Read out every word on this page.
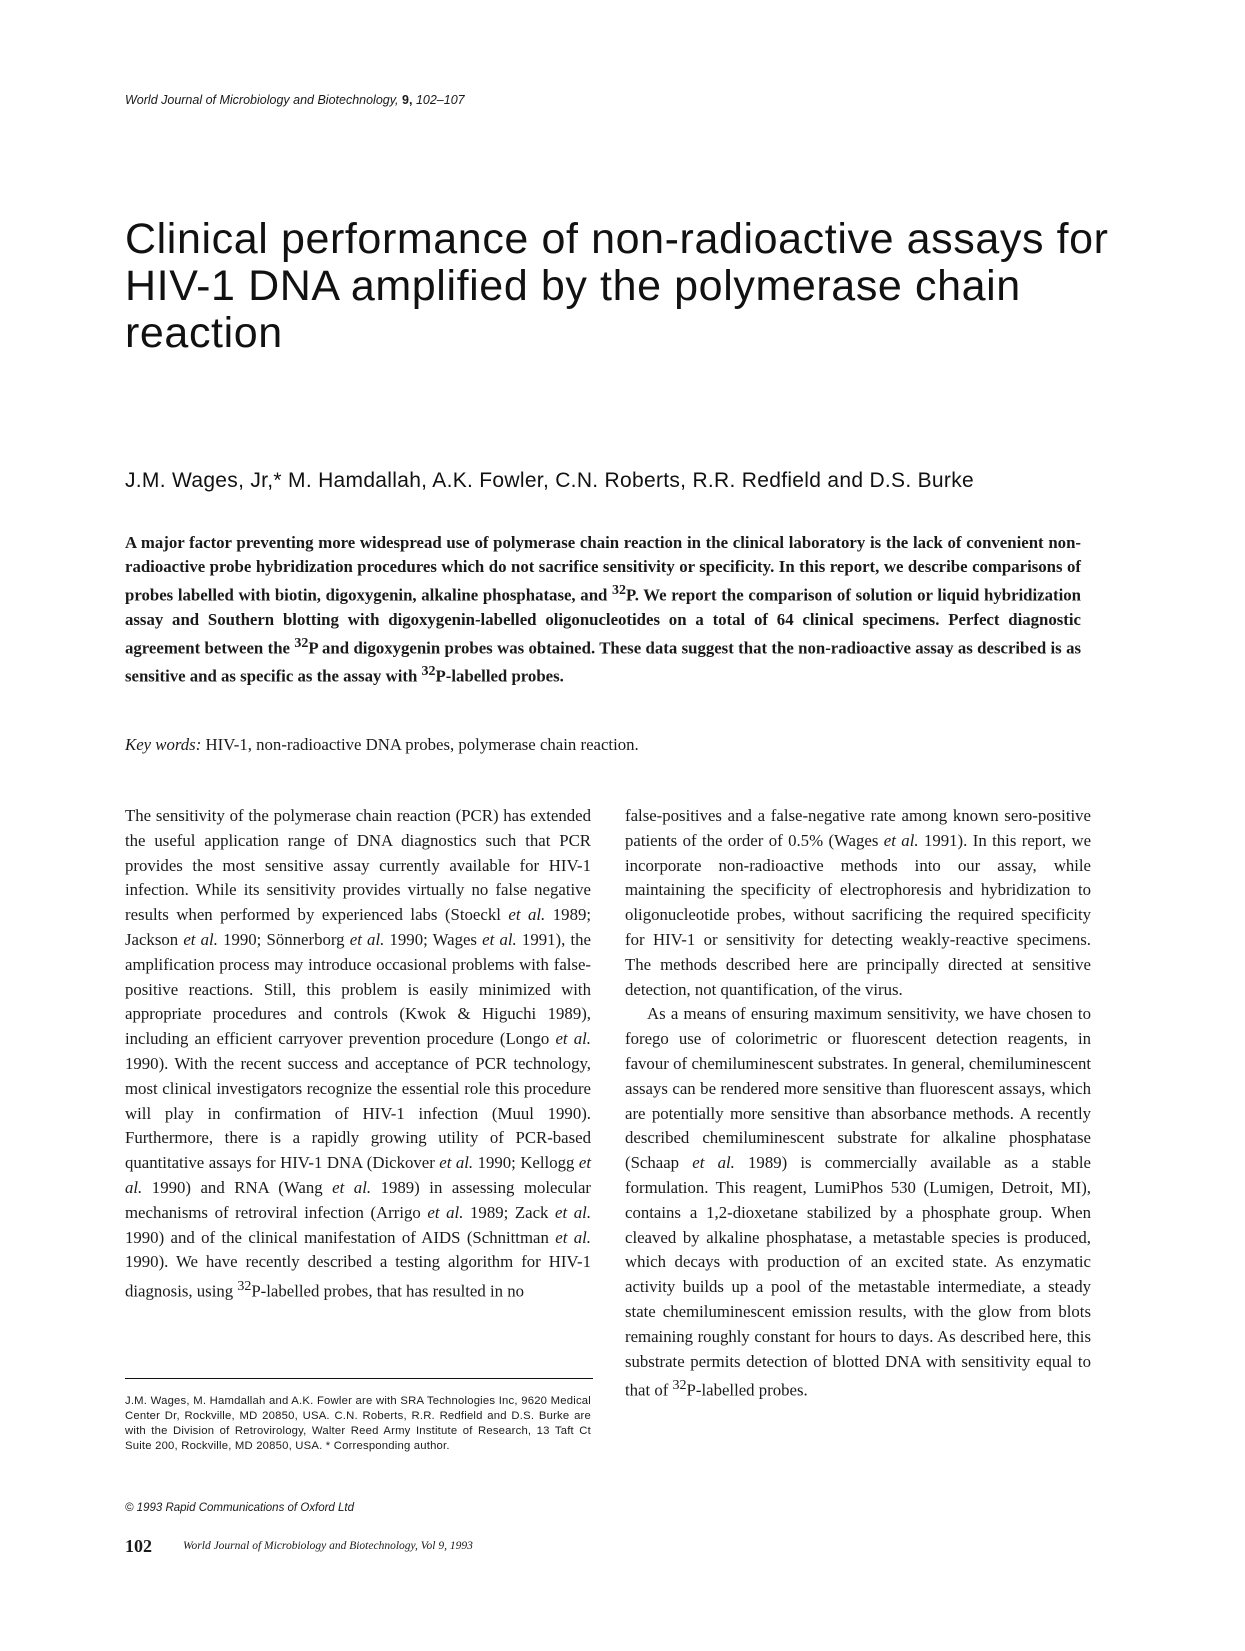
World Journal of Microbiology and Biotechnology, 9, 102–107
Clinical performance of non-radioactive assays for HIV-1 DNA amplified by the polymerase chain reaction
J.M. Wages, Jr,* M. Hamdallah, A.K. Fowler, C.N. Roberts, R.R. Redfield and D.S. Burke

A major factor preventing more widespread use of polymerase chain reaction in the clinical laboratory is the lack of convenient non-radioactive probe hybridization procedures which do not sacrifice sensitivity or specificity. In this report, we describe comparisons of probes labelled with biotin, digoxygenin, alkaline phosphatase, and $^{32}$P. We report the comparison of solution or liquid hybridization assay and Southern blotting with digoxygenin-labelled oligonucleotides on a total of 64 clinical specimens. Perfect diagnostic agreement between the $^{32}$P and digoxygenin probes was obtained. These data suggest that the non-radioactive assay as described is as sensitive and as specific as the assay with $^{32}$P-labelled probes.

Key words: HIV-1, non-radioactive DNA probes, polymerase chain reaction.

The sensitivity of the polymerase chain reaction (PCR) has extended the useful application range of DNA diagnostics such that PCR provides the most sensitive assay currently available for HIV-1 infection. While its sensitivity provides virtually no false negative results when performed by experienced labs (Stoeckl et al. 1989; Jackson et al. 1990; Sönnerborg et al. 1990; Wages et al. 1991), the amplification process may introduce occasional problems with false-positive reactions. Still, this problem is easily minimized with appropriate procedures and controls (Kwok & Higuchi 1989), including an efficient carryover prevention procedure (Longo et al. 1990). With the recent success and acceptance of PCR technology, most clinical investigators recognize the essential role this procedure will play in confirmation of HIV-1 infection (Muul 1990). Furthermore, there is a rapidly growing utility of PCR-based quantitative assays for HIV-1 DNA (Dickover et al. 1990; Kellogg et al. 1990) and RNA (Wang et al. 1989) in assessing molecular mechanisms of retroviral infection (Arrigo et al. 1989; Zack et al. 1990) and of the clinical manifestation of AIDS (Schnittman et al. 1990). We have recently described a testing algorithm for HIV-1 diagnosis, using $^{32}$P-labelled probes, that has resulted in no

false-positives and a false-negative rate among known sero-positive patients of the order of 0.5% (Wages et al. 1991). In this report, we incorporate non-radioactive methods into our assay, while maintaining the specificity of electrophoresis and hybridization to oligonucleotide probes, without sacrificing the required specificity for HIV-1 or sensitivity for detecting weakly-reactive specimens. The methods described here are principally directed at sensitive detection, not quantification, of the virus.

As a means of ensuring maximum sensitivity, we have chosen to forego use of colorimetric or fluorescent detection reagents, in favour of chemiluminescent substrates. In general, chemiluminescent assays can be rendered more sensitive than fluorescent assays, which are potentially more sensitive than absorbance methods. A recently described chemiluminescent substrate for alkaline phosphatase (Schaap et al. 1989) is commercially available as a stable formulation. This reagent, LumiPhos 530 (Lumigen, Detroit, MI), contains a 1,2-dioxetane stabilized by a phosphate group. When cleaved by alkaline phosphatase, a metastable species is produced, which decays with production of an excited state. As enzymatic activity builds up a pool of the metastable intermediate, a steady state chemiluminescent emission results, with the glow from blots remaining roughly constant for hours to days. As described here, this substrate permits detection of blotted DNA with sensitivity equal to that of $^{32}$P-labelled probes.

J.M. Wages, M. Hamdallah and A.K. Fowler are with SRA Technologies Inc, 9620 Medical Center Dr, Rockville, MD 20850, USA. C.N. Roberts, R.R. Redfield and D.S. Burke are with the Division of Retrovirology, Walter Reed Army Institute of Research, 13 Taft Ct Suite 200, Rockville, MD 20850, USA. * Corresponding author.
© 1993 Rapid Communications of Oxford Ltd
102	World Journal of Microbiology and Biotechnology, Vol 9, 1993
